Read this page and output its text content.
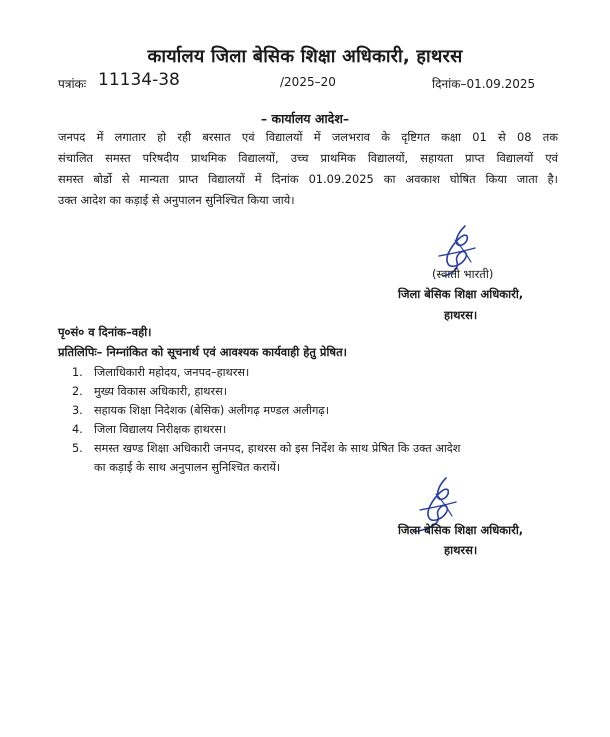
कार्यालय जिला बेसिक शिक्षा अधिकारी, हाथरस
पत्रांकः 11134-38	/2025–20	दिनांक–01.09.2025
– कार्यालय आदेश–
जनपद में लगातार हो रही बरसात एवं विद्यालयों में जलभराव के दृष्टिगत कक्षा 01 से 08 तक
संचालित समस्त परिषदीय प्राथमिक विद्यालयों, उच्च प्राथमिक विद्यालयों, सहायता प्राप्त विद्यालयों एवं
समस्त बोर्डो से मान्यता प्राप्त विद्यालयों में दिनांक 01.09.2025 का अवकाश घोषित किया जाता है।
उक्त आदेश का कड़ाई से अनुपालन सुनिश्चित किया जाये।
(स्वाती भारती)
जिला बेसिक शिक्षा अधिकारी,
हाथरस।
पृ०सं० व दिनांक–वही।
प्रतिलिपिः– निम्नांकित को सूचनार्थ एवं आवश्यक कार्यवाही हेतु प्रेषित।
1. जिलाधिकारी महोदय, जनपद–हाथरस।
2. मुख्य विकास अधिकारी, हाथरस।
3. सहायक शिक्षा निदेशक (बेसिक) अलीगढ़ मण्डल अलीगढ़।
4. जिला विद्यालय निरीक्षक हाथरस।
5. समस्त खण्ड शिक्षा अधिकारी जनपद, हाथरस को इस निर्देश के साथ प्रेषित कि उक्त आदेश
का कड़ाई के साथ अनुपालन सुनिश्चित करायें।
जिला बेसिक शिक्षा अधिकारी,
हाथरस।
